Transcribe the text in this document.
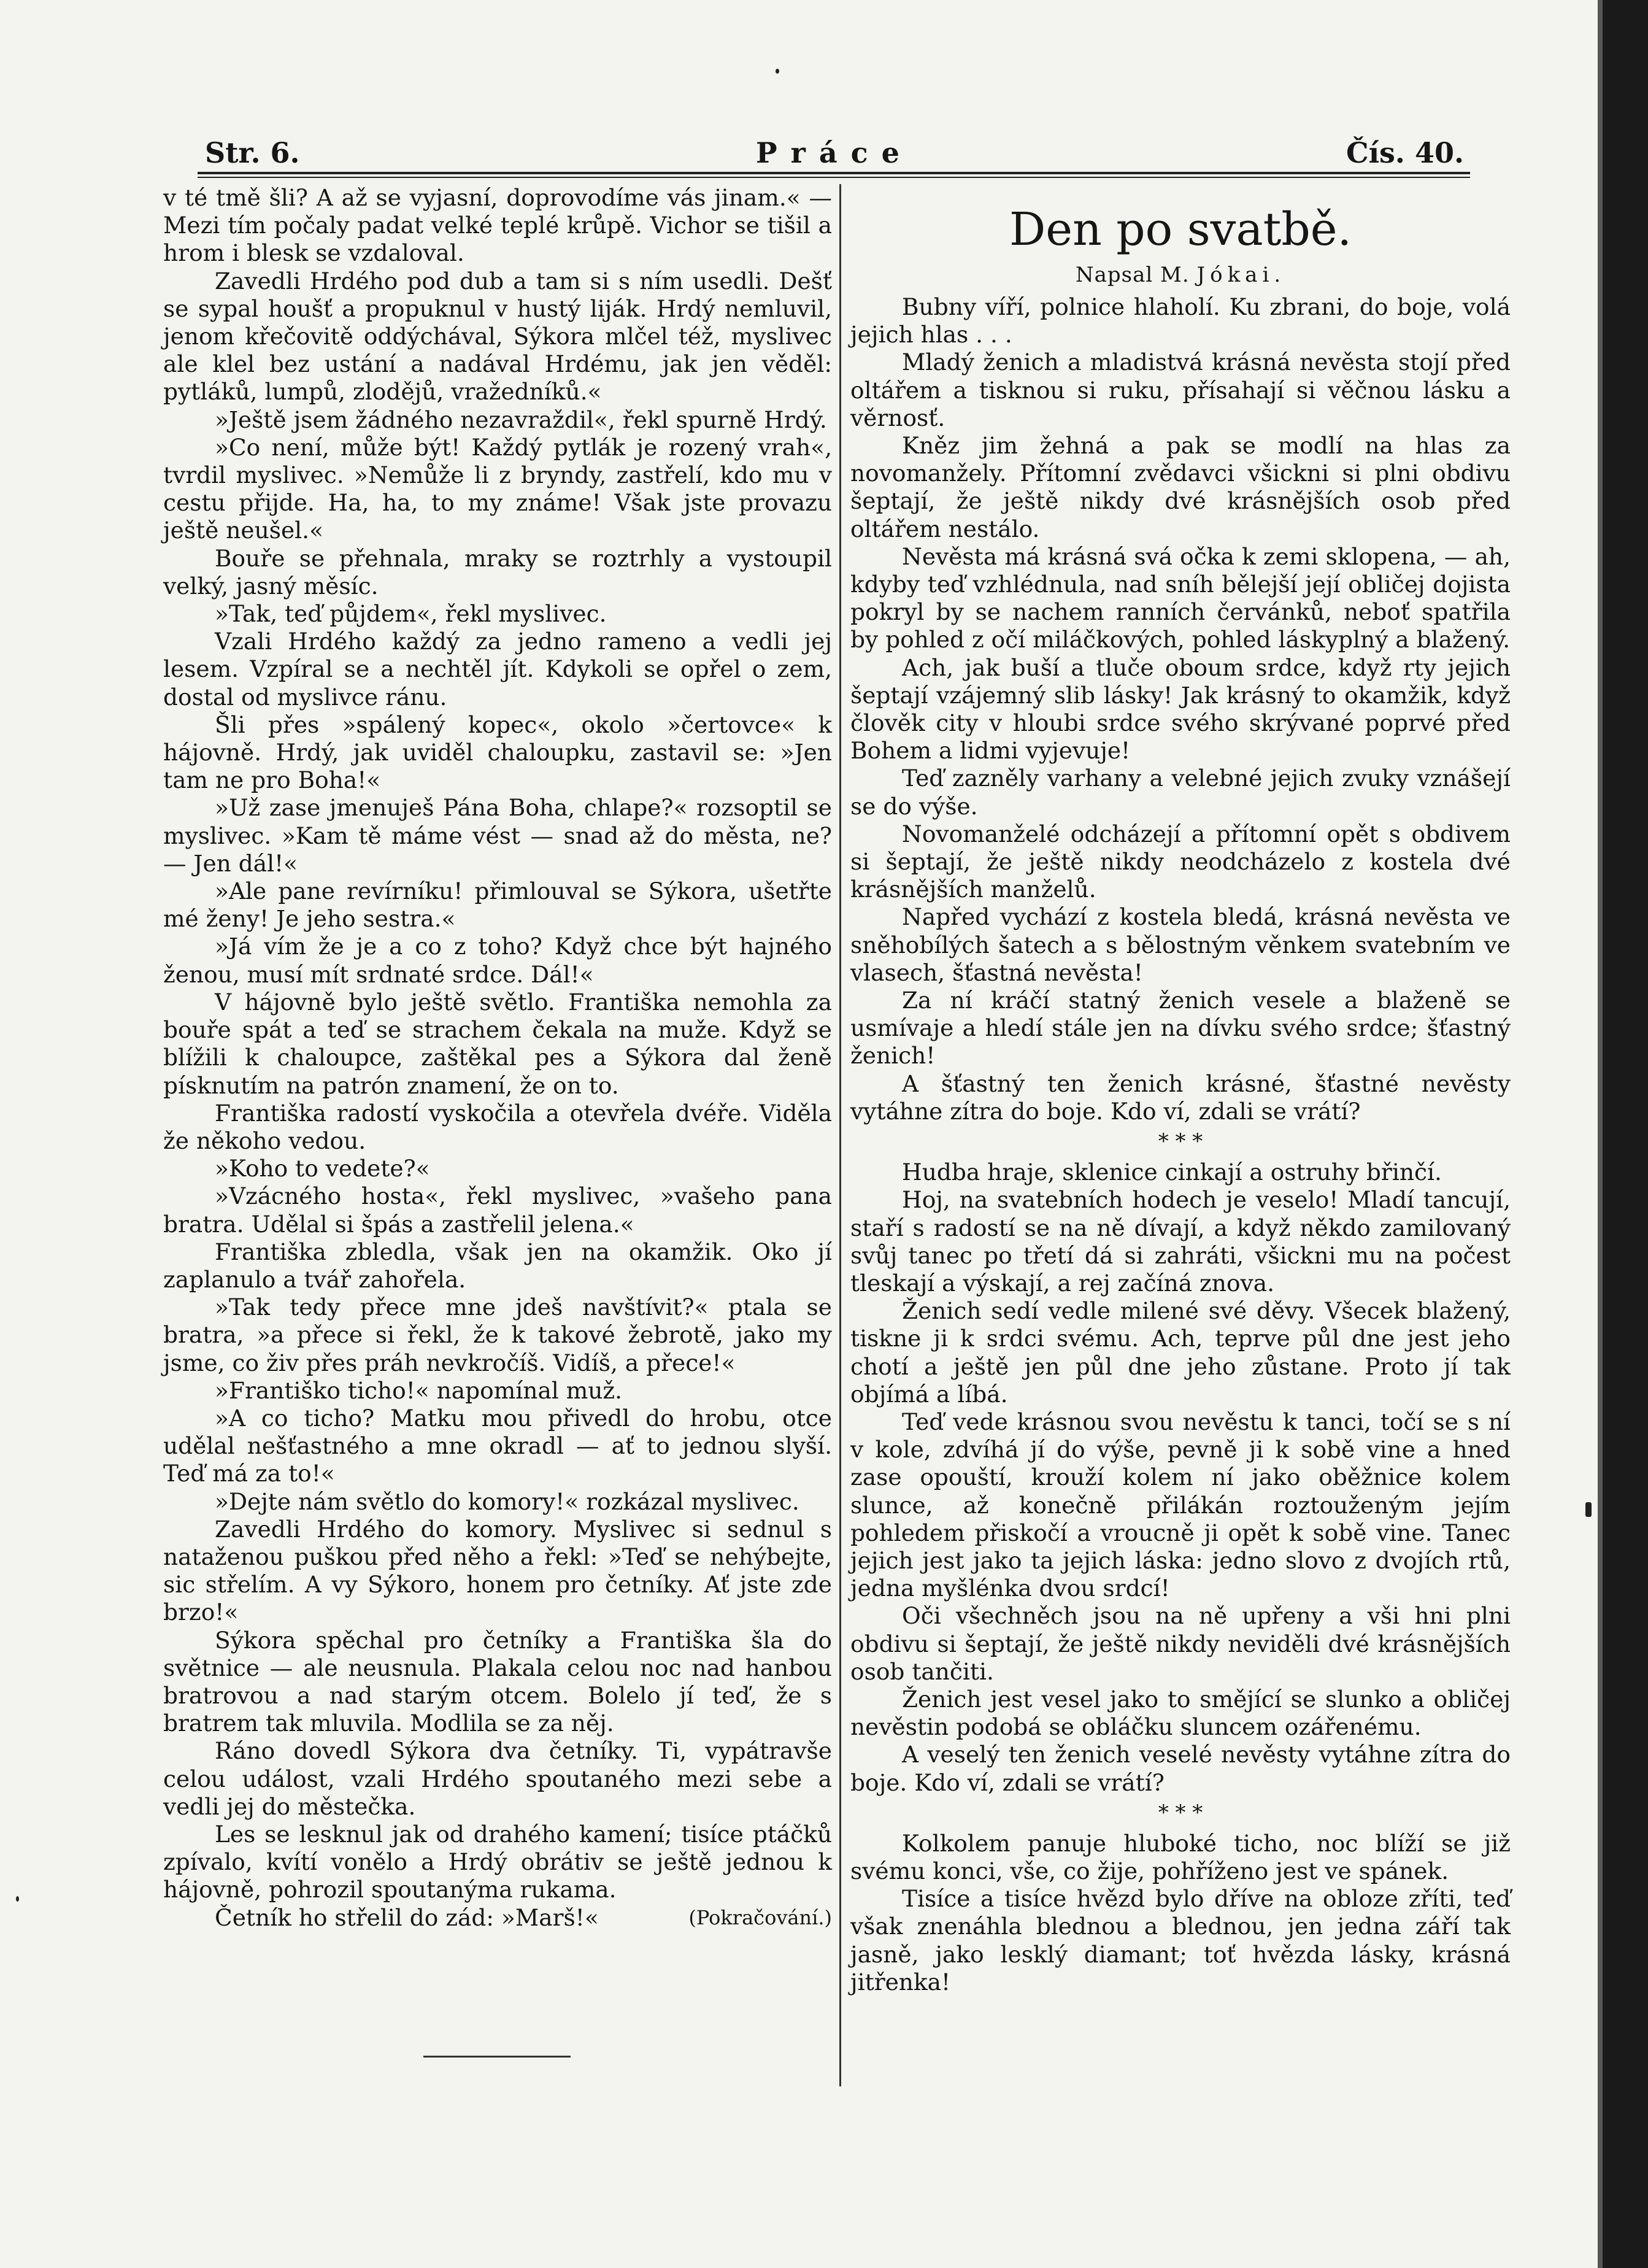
Str. 6.	Práce	Čís. 40.

v té tmě šli? A až se vyjasní, doprovodíme vás jinam.« — Mezi tím počaly padat velké teplé krůpě. Vichor se tišil a hrom i blesk se vzdaloval.

Zavedli Hrdého pod dub a tam si s ním usedli. Dešť se sypal houšť a propuknul v hustý liják. Hrdý nemluvil, jenom křečovitě oddýchával, Sýkora mlčel též, myslivec ale klel bez ustání a nadával Hrdému, jak jen věděl: pytláků, lumpů, zlodějů, vražedníků.«

»Ještě jsem žádného nezavraždil«, řekl spurně Hrdý.

»Co není, může být! Každý pytlák je rozený vrah«, tvrdil myslivec. »Nemůže li z bryndy, zastřelí, kdo mu v cestu přijde. Ha, ha, to my známe! Však jste provazu ještě neušel.«

Bouře se přehnala, mraky se roztrhly a vystoupil velký, jasný měsíc.

»Tak, teď půjdem«, řekl myslivec.

Vzali Hrdého každý za jedno rameno a vedli jej lesem. Vzpíral se a nechtěl jít. Kdykoli se opřel o zem, dostal od myslivce ránu.

Šli přes »spálený kopec«, okolo »čertovce« k hájovně. Hrdý, jak uviděl chaloupku, zastavil se: »Jen tam ne pro Boha!«

»Už zase jmenuješ Pána Boha, chlape?« rozsoptil se myslivec. »Kam tě máme vést — snad až do města, ne? — Jen dál!«

»Ale pane revírníku! přimlouval se Sýkora, ušetřte mé ženy! Je jeho sestra.«

»Já vím že je a co z toho? Když chce být hajného ženou, musí mít srdnaté srdce. Dál!«

V hájovně bylo ještě světlo. Františka nemohla za bouře spát a teď se strachem čekala na muže. Když se blížili k chaloupce, zaštěkal pes a Sýkora dal ženě písknutím na patrón znamení, že on to.

Františka radostí vyskočila a otevřela dvéře. Viděla že někoho vedou.

»Koho to vedete?«

»Vzácného hosta«, řekl myslivec, »vašeho pana bratra. Udělal si špás a zastřelil jelena.«

Františka zbledla, však jen na okamžik. Oko jí zaplanulo a tvář zahořela.

»Tak tedy přece mne jdeš navštívit?« ptala se bratra, »a přece si řekl, že k takové žebrotě, jako my jsme, co živ přes práh nevkročíš. Vidíš, a přece!«

»Františko ticho!« napomínal muž.

»A co ticho? Matku mou přivedl do hrobu, otce udělal nešťastného a mne okradl — ať to jednou slyší. Teď má za to!«

»Dejte nám světlo do komory!« rozkázal myslivec.

Zavedli Hrdého do komory. Myslivec si sednul s nataženou puškou před něho a řekl: »Teď se nehýbejte, sic střelím. A vy Sýkoro, honem pro četníky. Ať jste zde brzo!«

Sýkora spěchal pro četníky a Františka šla do světnice — ale neusnula. Plakala celou noc nad hanbou bratrovou a nad starým otcem. Bolelo jí teď, že s bratrem tak mluvila. Modlila se za něj.

Ráno dovedl Sýkora dva četníky. Ti, vypátravše celou událost, vzali Hrdého spoutaného mezi sebe a vedli jej do městečka.

Les se lesknul jak od drahého kamení; tisíce ptáčků zpívalo, kvítí vonělo a Hrdý obrátiv se ještě jednou k hájovně, pohrozil spoutanýma rukama.

Četník ho střelil do zád: »Marš!«	(Pokračování.)

Den po svatbě.
Napsal M. Jókai.

Bubny víří, polnice hlaholí. Ku zbrani, do boje, volá jejich hlas . . .

Mladý ženich a mladistvá krásná nevěsta stojí před oltářem a tisknou si ruku, přísahají si věčnou lásku a věrnosť.

Kněz jim žehná a pak se modlí na hlas za novomanžely. Přítomní zvědavci všickni si plni obdivu šeptají, že ještě nikdy dvé krásnějších osob před oltářem nestálo.

Nevěsta má krásná svá očka k zemi sklopena, — ah, kdyby teď vzhlédnula, nad sníh bělejší její obličej dojista pokryl by se nachem ranních červánků, neboť spatřila by pohled z očí miláčkových, pohled láskyplný a blažený.

Ach, jak buší a tluče oboum srdce, když rty jejich šeptají vzájemný slib lásky! Jak krásný to okamžik, když člověk city v hloubi srdce svého skrývané poprvé před Bohem a lidmi vyjevuje!

Teď zazněly varhany a velebné jejich zvuky vznášejí se do výše.

Novomanželé odcházejí a přítomní opět s obdivem si šeptají, že ještě nikdy neodcházelo z kostela dvé krásnějších manželů.

Napřed vychází z kostela bledá, krásná nevěsta ve sněhobílých šatech a s bělostným věnkem svatebním ve vlasech, šťastná nevěsta!

Za ní kráčí statný ženich vesele a blaženě se usmívaje a hledí stále jen na dívku svého srdce; šťastný ženich!

A šťastný ten ženich krásné, šťastné nevěsty vytáhne zítra do boje. Kdo ví, zdali se vrátí?

* * *

Hudba hraje, sklenice cinkají a ostruhy břinčí.

Hoj, na svatebních hodech je veselo! Mladí tancují, staří s radostí se na ně dívají, a když někdo zamilovaný svůj tanec po třetí dá si zahráti, všickni mu na počest tleskají a výskají, a rej začíná znova.

Ženich sedí vedle milené své děvy. Všecek blažený, tiskne ji k srdci svému. Ach, teprve půl dne jest jeho chotí a ještě jen půl dne jeho zůstane. Proto jí tak objímá a líbá.

Teď vede krásnou svou nevěstu k tanci, točí se s ní v kole, zdvíhá jí do výše, pevně ji k sobě vine a hned zase opouští, krouží kolem ní jako oběžnice kolem slunce, až konečně přilákán roztouženým jejím pohledem přiskočí a vroucně ji opět k sobě vine. Tanec jejich jest jako ta jejich láska: jedno slovo z dvojích rtů, jedna myšlénka dvou srdcí!

Oči všechněch jsou na ně upřeny a vši hni plni obdivu si šeptají, že ještě nikdy neviděli dvé krásnějších osob tančiti.

Ženich jest vesel jako to smějící se slunko a obličej nevěstin podobá se obláčku sluncem ozářenému.

A veselý ten ženich veselé nevěsty vytáhne zítra do boje. Kdo ví, zdali se vrátí?

* * *

Kolkolem panuje hluboké ticho, noc blíží se již svému konci, vše, co žije, pohříženo jest ve spánek.

Tisíce a tisíce hvězd bylo dříve na obloze zříti, teď však znenáhla blednou a blednou, jen jedna září tak jasně, jako lesklý diamant; toť hvězda lásky, krásná jitřenka!
